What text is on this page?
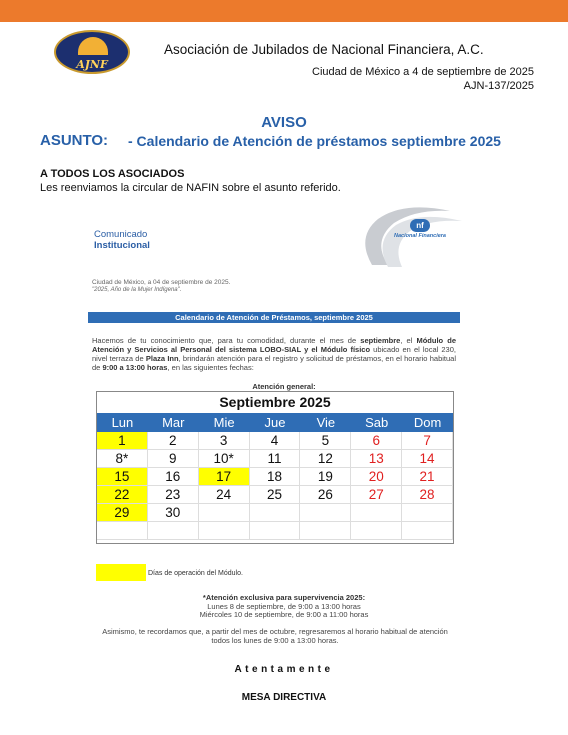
AJNF
Asociación de Jubilados de Nacional Financiera, A.C.
Ciudad de México a 4 de septiembre de 2025
AJN-137/2025
AVISO
ASUNTO: - Calendario de Atención de préstamos septiembre 2025
A TODOS LOS ASOCIADOS
Les reenviamos la circular de NAFIN sobre el asunto referido.
Comunicado
Institucional
nf
Nacional Financiera
Ciudad de México, a 04 de septiembre de 2025.
"2025, Año de la Mujer Indígena".
Calendario de Atención de Préstamos, septiembre 2025
Hacemos de tu conocimiento que, para tu comodidad, durante el mes de septiembre, el Módulo de Atención y Servicios al Personal del sistema LOBO-SIAL y el Módulo físico ubicado en el local 230, nivel terraza de Plaza Inn, brindarán atención para el registro y solicitud de préstamos, en el horario habitual de 9:00 a 13:00 horas, en las siguientes fechas:
Atención general:
Septiembre 2025
Lun	Mar	Mie	Jue	Vie	Sab	Dom
1	2	3	4	5	6	7
8*	9	10*	11	12	13	14
15	16	17	18	19	20	21
22	23	24	25	26	27	28
29	30
Días de operación del Módulo.
*Atención exclusiva para supervivencia 2025:
Lunes 8 de septiembre, de 9:00 a 13:00 horas
Miércoles 10 de septiembre, de 9:00 a 11:00 horas
Asimismo, te recordamos que, a partir del mes de octubre, regresaremos al horario habitual de atención todos los lunes de 9:00 a 13:00 horas.
Atentamente
MESA DIRECTIVA
